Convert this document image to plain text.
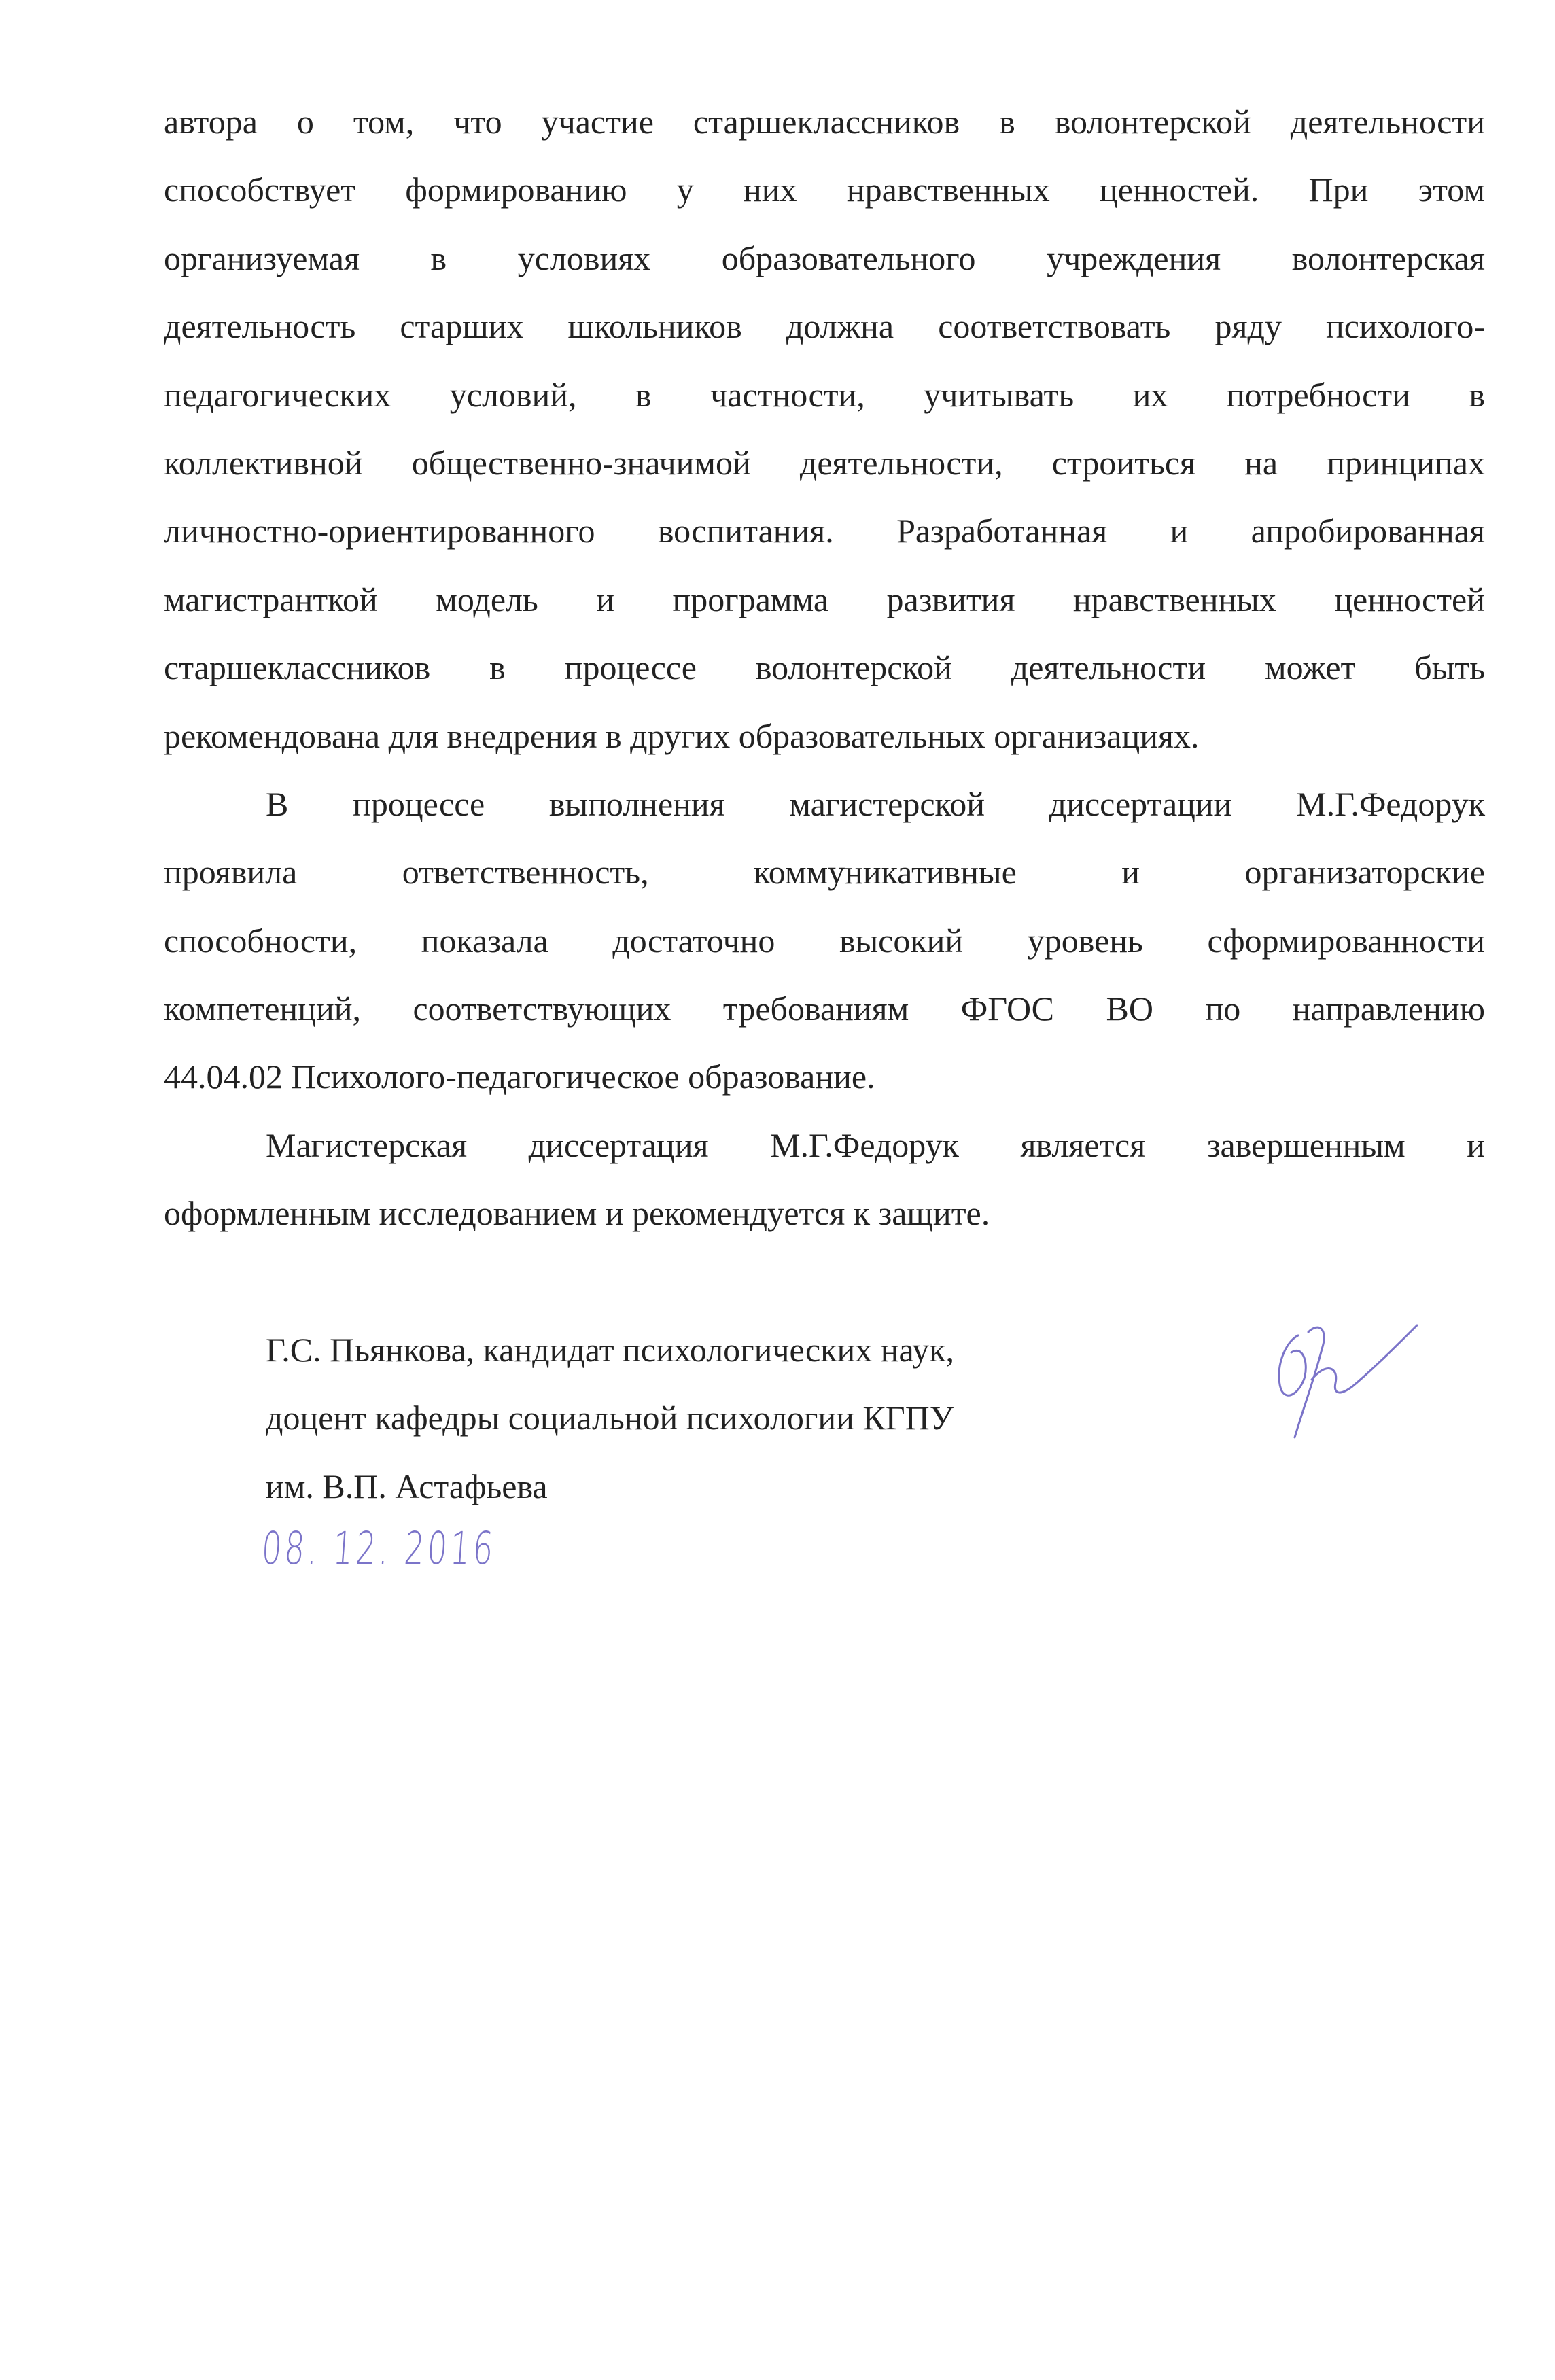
автора о том, что участие старшеклассников в волонтерской деятельности
способствует формированию у них нравственных ценностей. При этом
организуемая в условиях образовательного учреждения волонтерская
деятельность старших школьников должна соответствовать ряду психолого-
педагогических условий, в частности, учитывать их потребности в
коллективной общественно-значимой деятельности, строиться на принципах
личностно-ориентированного воспитания. Разработанная и апробированная
магистранткой модель и программа развития нравственных ценностей
старшеклассников в процессе волонтерской деятельности может быть
рекомендована для внедрения в других образовательных организациях.
В процессе выполнения магистерской диссертации М.Г.Федорук
проявила ответственность, коммуникативные и организаторские
способности, показала достаточно высокий уровень сформированности
компетенций, соответствующих требованиям ФГОС ВО по направлению
44.04.02 Психолого-педагогическое образование.
Магистерская диссертация М.Г.Федорук является завершенным и
оформленным исследованием и рекомендуется к защите.
Г.С. Пьянкова, кандидат психологических наук,
доцент кафедры социальной психологии КГПУ
им. В.П. Астафьева
08. 12. 2016
